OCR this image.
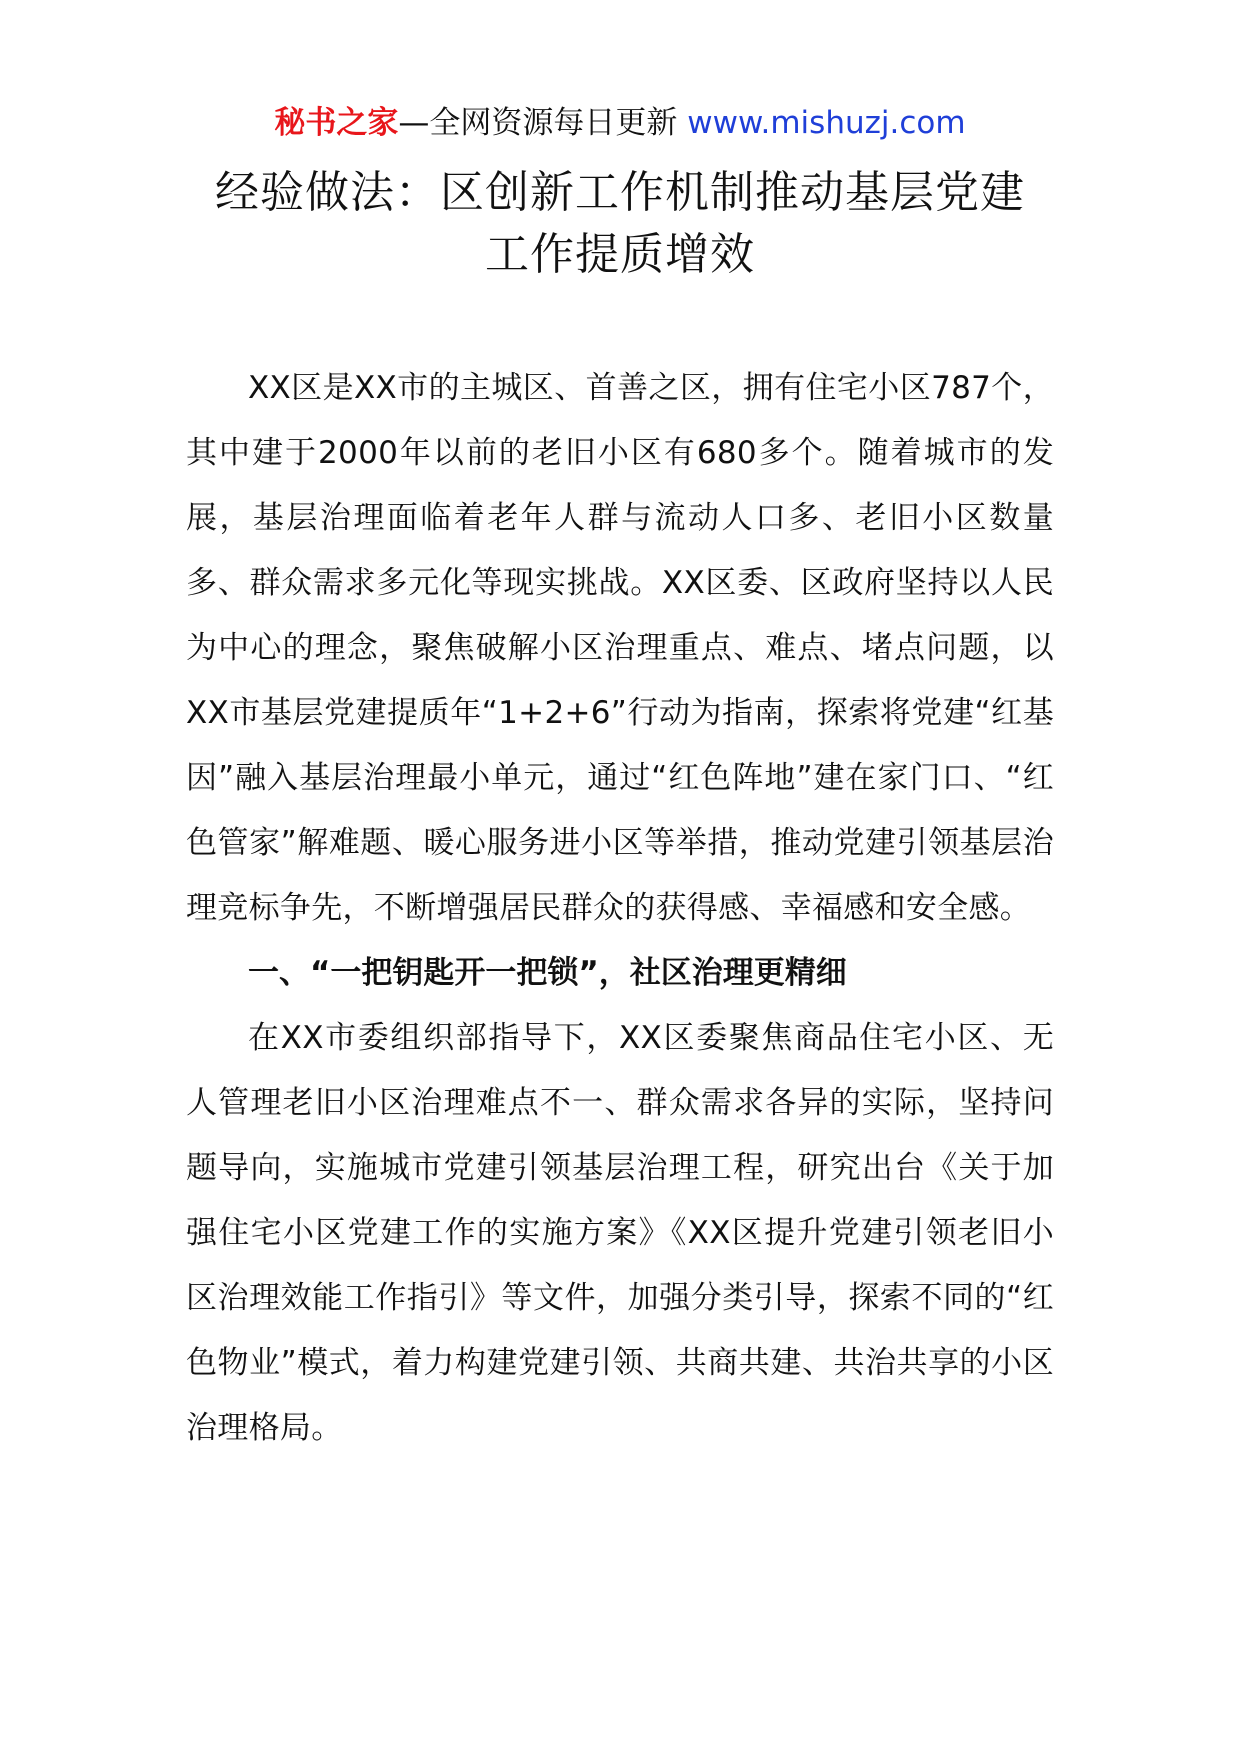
秘书之家—全网资源每日更新 www.mishuzj.com
经验做法：区创新工作机制推动基层党建
工作提质增效

XX区是XX市的主城区、首善之区，拥有住宅小区787个，其中建于2000年以前的老旧小区有680多个。随着城市的发展，基层治理面临着老年人群与流动人口多、老旧小区数量多、群众需求多元化等现实挑战。XX区委、区政府坚持以人民为中心的理念，聚焦破解小区治理重点、难点、堵点问题，以XX市基层党建提质年“1+2+6”行动为指南，探索将党建“红基因”融入基层治理最小单元，通过“红色阵地”建在家门口、“红色管家”解难题、暖心服务进小区等举措，推动党建引领基层治理竞标争先，不断增强居民群众的获得感、幸福感和安全感。

一、“一把钥匙开一把锁”，社区治理更精细

在XX市委组织部指导下，XX区委聚焦商品住宅小区、无人管理老旧小区治理难点不一、群众需求各异的实际，坚持问题导向，实施城市党建引领基层治理工程，研究出台《关于加强住宅小区党建工作的实施方案》《XX区提升党建引领老旧小区治理效能工作指引》等文件，加强分类引导，探索不同的“红色物业”模式，着力构建党建引领、共商共建、共治共享的小区治理格局。
